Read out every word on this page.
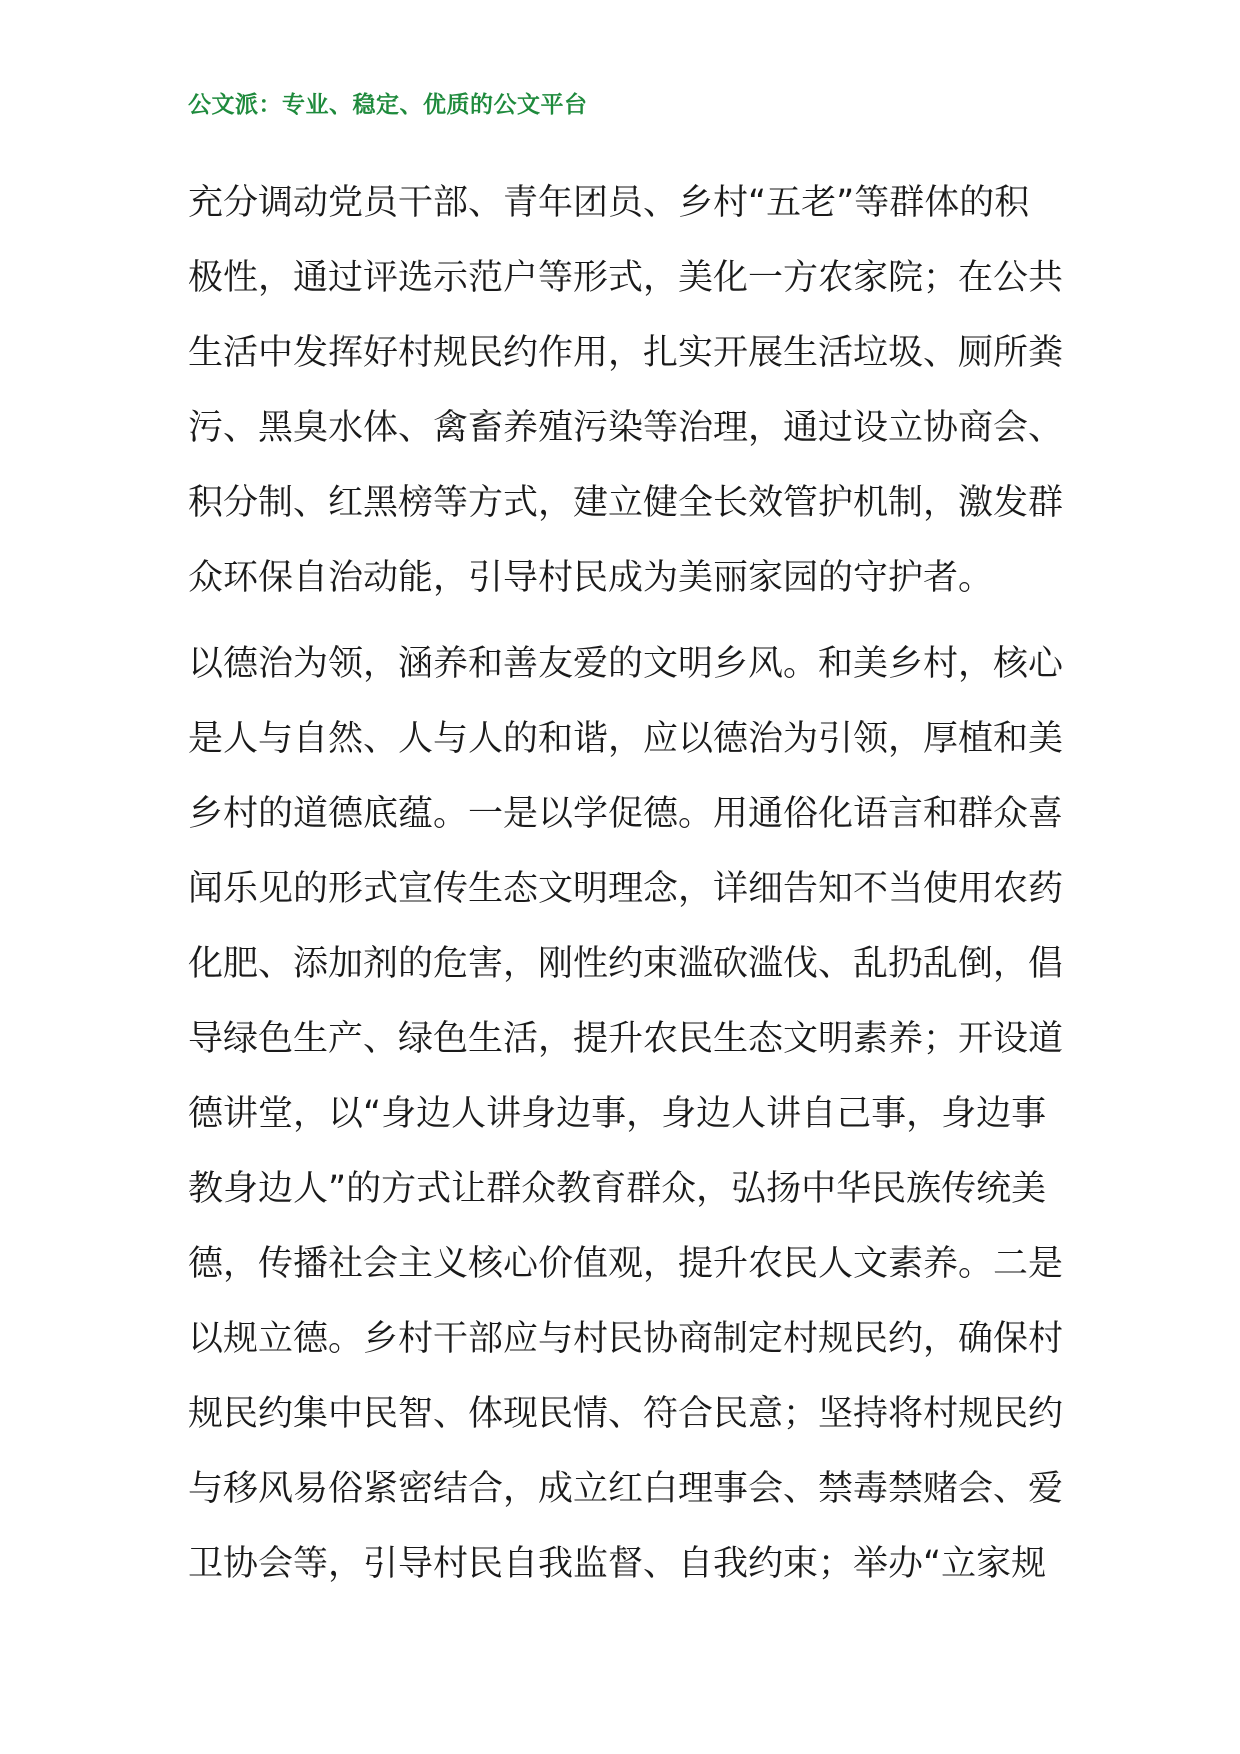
公文派：专业、稳定、优质的公文平台
充分调动党员干部、青年团员、乡村“五老”等群体的积
极性，通过评选示范户等形式，美化一方农家院；在公共
生活中发挥好村规民约作用，扎实开展生活垃圾、厕所粪
污、黑臭水体、禽畜养殖污染等治理，通过设立协商会、
积分制、红黑榜等方式，建立健全长效管护机制，激发群
众环保自治动能，引导村民成为美丽家园的守护者。
以德治为领，涵养和善友爱的文明乡风。和美乡村，核心
是人与自然、人与人的和谐，应以德治为引领，厚植和美
乡村的道德底蕴。一是以学促德。用通俗化语言和群众喜
闻乐见的形式宣传生态文明理念，详细告知不当使用农药
化肥、添加剂的危害，刚性约束滥砍滥伐、乱扔乱倒，倡
导绿色生产、绿色生活，提升农民生态文明素养；开设道
德讲堂，以“身边人讲身边事，身边人讲自己事，身边事
教身边人”的方式让群众教育群众，弘扬中华民族传统美
德，传播社会主义核心价值观，提升农民人文素养。二是
以规立德。乡村干部应与村民协商制定村规民约，确保村
规民约集中民智、体现民情、符合民意；坚持将村规民约
与移风易俗紧密结合，成立红白理事会、禁毒禁赌会、爱
卫协会等，引导村民自我监督、自我约束；举办“立家规
